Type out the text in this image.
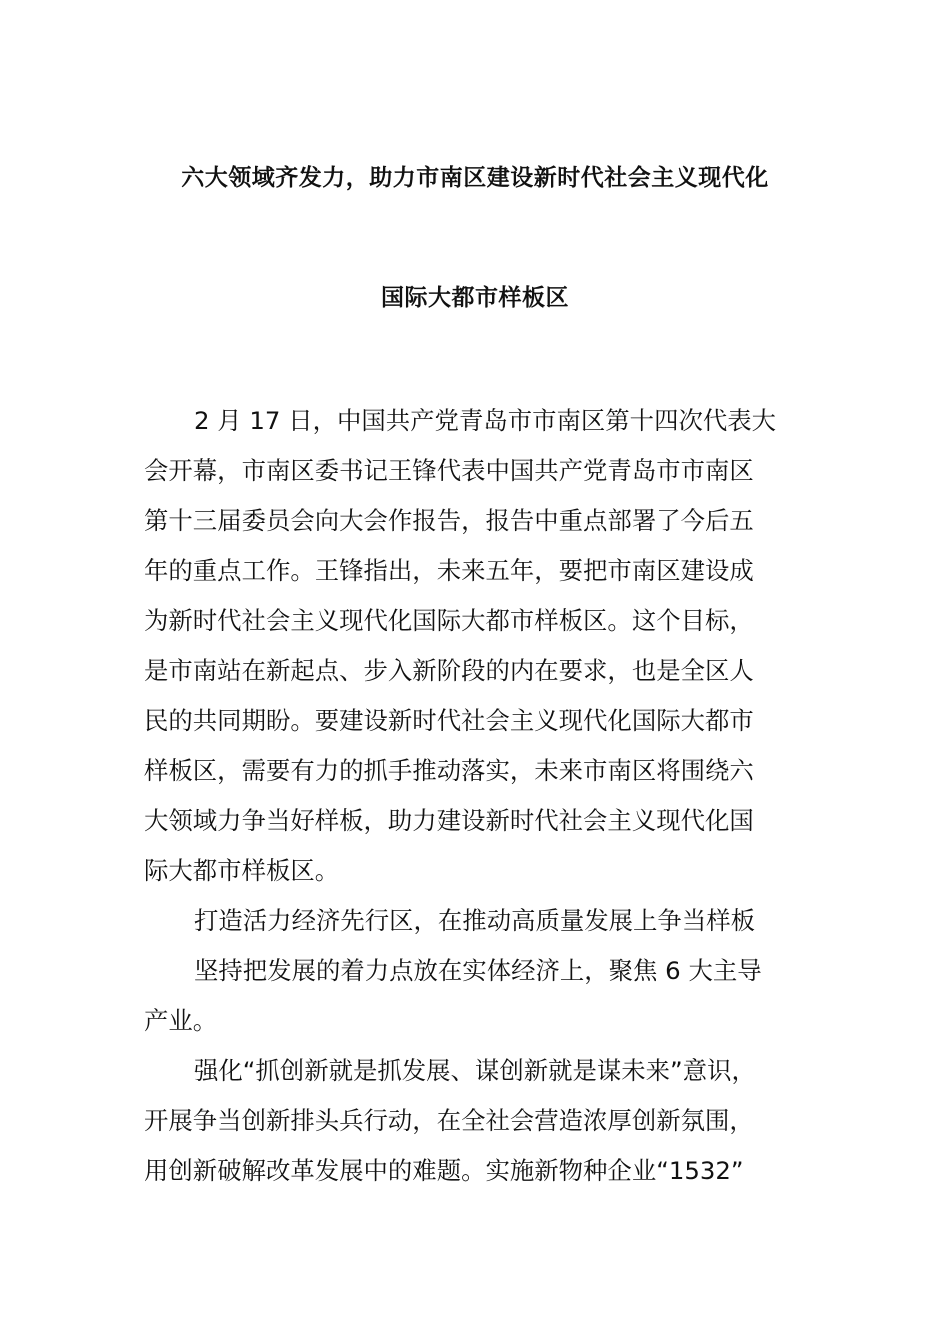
六大领域齐发力，助力市南区建设新时代社会主义现代化
国际大都市样板区
2 月 17 日，中国共产党青岛市市南区第十四次代表大
会开幕，市南区委书记王锋代表中国共产党青岛市市南区
第十三届委员会向大会作报告，报告中重点部署了今后五
年的重点工作。王锋指出，未来五年，要把市南区建设成
为新时代社会主义现代化国际大都市样板区。这个目标，
是市南站在新起点、步入新阶段的内在要求，也是全区人
民的共同期盼。要建设新时代社会主义现代化国际大都市
样板区，需要有力的抓手推动落实，未来市南区将围绕六
大领域力争当好样板，助力建设新时代社会主义现代化国
际大都市样板区。
打造活力经济先行区，在推动高质量发展上争当样板
坚持把发展的着力点放在实体经济上，聚焦 6 大主导
产业。
强化“抓创新就是抓发展、谋创新就是谋未来”意识，
开展争当创新排头兵行动，在全社会营造浓厚创新氛围，
用创新破解改革发展中的难题。实施新物种企业“1532”
